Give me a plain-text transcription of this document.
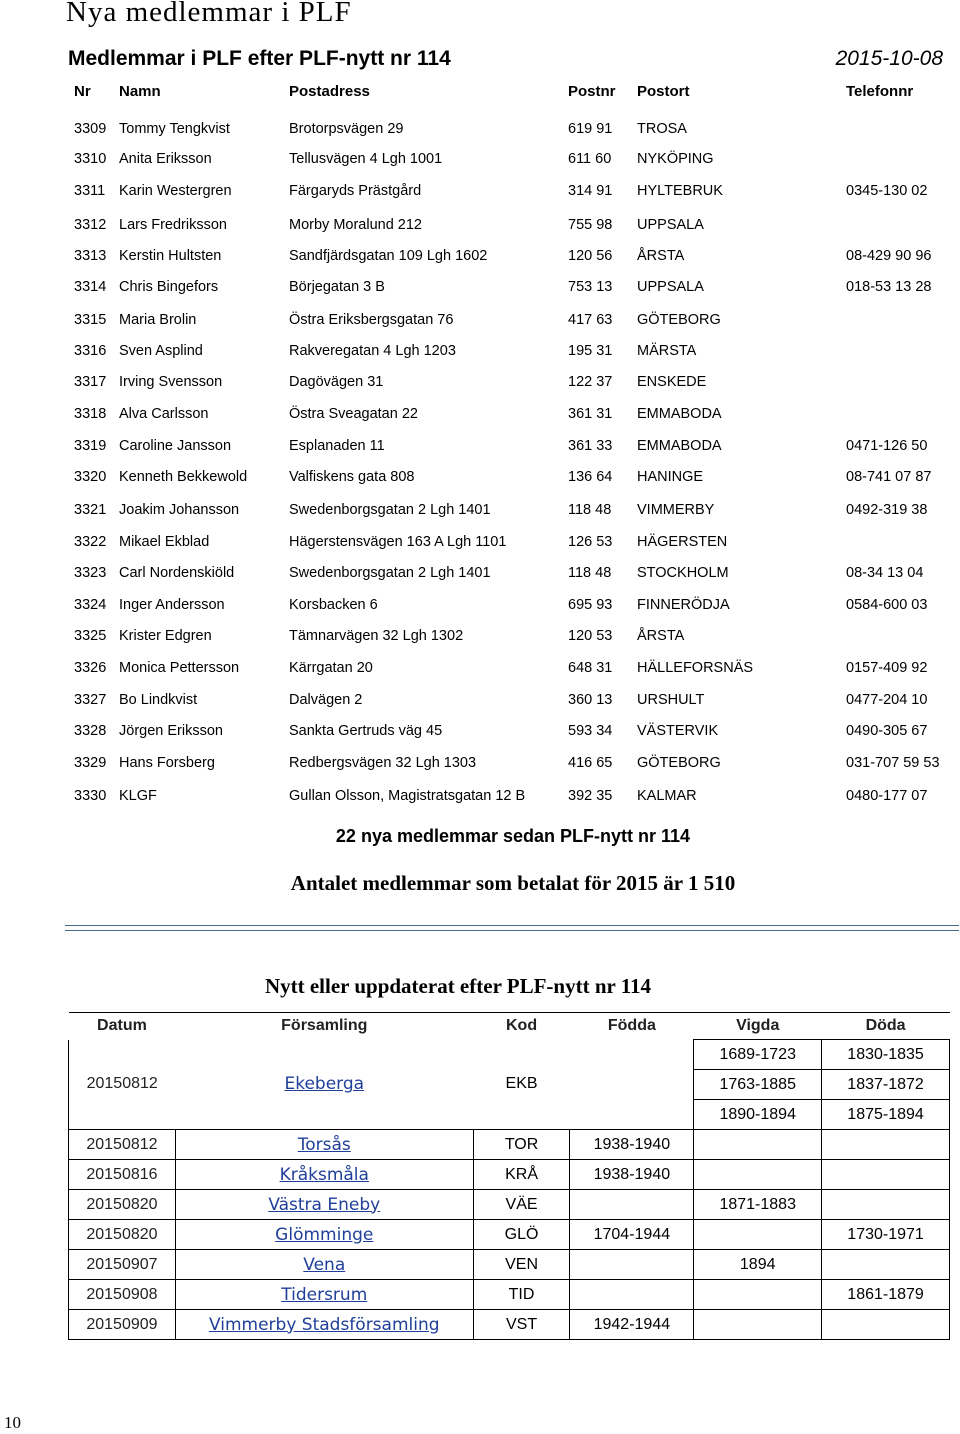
Nya medlemmar i PLF
Medlemmar i PLF efter PLF-nytt nr 114	2015-10-08
Nr Namn	Postadress	Postnr Postort	Telefonnr
3309 Tommy Tengkvist	Brotorpsvägen 29	619 91 TROSA
3310 Anita Eriksson	Tellusvägen 4 Lgh 1001	611 60 NYKÖPING
3311 Karin Westergren	Färgaryds Prästgård	314 91 HYLTEBRUK	0345-130 02
3312 Lars Fredriksson	Morby Moralund 212	755 98 UPPSALA
3313 Kerstin Hultsten	Sandfjärdsgatan 109 Lgh 1602	120 56 ÅRSTA	08-429 90 96
3314 Chris Bingefors	Börjegatan 3 B	753 13 UPPSALA	018-53 13 28
3315 Maria Brolin	Östra Eriksbergsgatan 76	417 63 GÖTEBORG
3316 Sven Asplind	Rakveregatan 4 Lgh 1203	195 31 MÄRSTA
3317 Irving Svensson	Dagövägen 31	122 37 ENSKEDE
3318 Alva Carlsson	Östra Sveagatan 22	361 31 EMMABODA
3319 Caroline Jansson	Esplanaden 11	361 33 EMMABODA	0471-126 50
3320 Kenneth Bekkewold	Valfiskens gata 808	136 64 HANINGE	08-741 07 87
3321 Joakim Johansson	Swedenborgsgatan 2 Lgh 1401	118 48 VIMMERBY	0492-319 38
3322 Mikael Ekblad	Hägerstensvägen 163 A Lgh 1101	126 53 HÄGERSTEN
3323 Carl Nordenskiöld	Swedenborgsgatan 2 Lgh 1401	118 48 STOCKHOLM	08-34 13 04
3324 Inger Andersson	Korsbacken 6	695 93 FINNERÖDJA	0584-600 03
3325 Krister Edgren	Tämnarvägen 32 Lgh 1302	120 53 ÅRSTA
3326 Monica Pettersson	Kärrgatan 20	648 31 HÄLLEFORSNÄS	0157-409 92
3327 Bo Lindkvist	Dalvägen 2	360 13 URSHULT	0477-204 10
3328 Jörgen Eriksson	Sankta Gertruds väg 45	593 34 VÄSTERVIK	0490-305 67
3329 Hans Forsberg	Redbergsvägen 32 Lgh 1303	416 65 GÖTEBORG	031-707 59 53
3330 KLGF	Gullan Olsson, Magistratsgatan 12 B	392 35 KALMAR	0480-177 07
22 nya medlemmar sedan PLF-nytt nr 114
Antalet medlemmar som betalat för 2015 är 1 510
Nytt eller uppdaterat efter PLF-nytt nr 114
Datum	Församling	Kod	Födda	Vigda	Döda
20150812	Ekeberga	EKB		1689-1723	1830-1835
				1763-1885	1837-1872
				1890-1894	1875-1894
20150812	Torsås	TOR	1938-1940		
20150816	Kråksmåla	KRÅ	1938-1940		
20150820	Västra Eneby	VÄE		1871-1883	
20150820	Glömminge	GLÖ	1704-1944		1730-1971
20150907	Vena	VEN		1894	
20150908	Tidersrum	TID			1861-1879
20150909	Vimmerby Stadsförsamling	VST	1942-1944		
10
